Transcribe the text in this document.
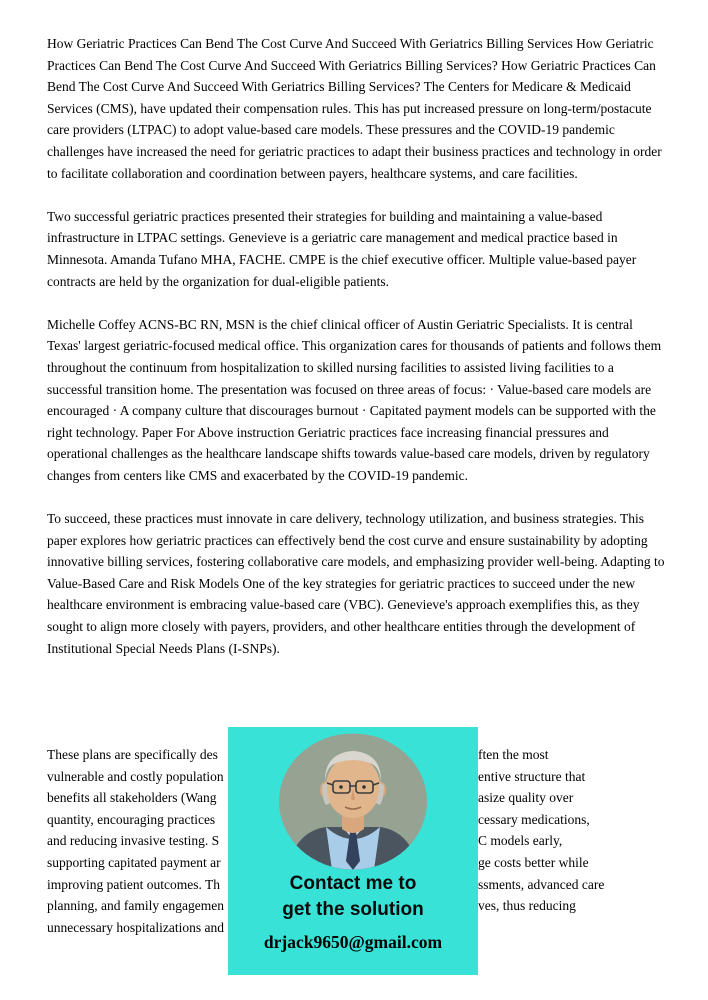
How Geriatric Practices Can Bend The Cost Curve And Succeed With Geriatrics Billing Services How Geriatric Practices Can Bend The Cost Curve And Succeed With Geriatrics Billing Services? How Geriatric Practices Can Bend The Cost Curve And Succeed With Geriatrics Billing Services? The Centers for Medicare & Medicaid Services (CMS), have updated their compensation rules. This has put increased pressure on long-term/postacute care providers (LTPAC) to adopt value-based care models. These pressures and the COVID-19 pandemic challenges have increased the need for geriatric practices to adapt their business practices and technology in order to facilitate collaboration and coordination between payers, healthcare systems, and care facilities.

Two successful geriatric practices presented their strategies for building and maintaining a value-based infrastructure in LTPAC settings. Genevieve is a geriatric care management and medical practice based in Minnesota. Amanda Tufano MHA, FACHE. CMPE is the chief executive officer. Multiple value-based payer contracts are held by the organization for dual-eligible patients.

Michelle Coffey ACNS-BC RN, MSN is the chief clinical officer of Austin Geriatric Specialists. It is central Texas' largest geriatric-focused medical office. This organization cares for thousands of patients and follows them throughout the continuum from hospitalization to skilled nursing facilities to assisted living facilities to a successful transition home. The presentation was focused on three areas of focus: · Value-based care models are encouraged · A company culture that discourages burnout · Capitated payment models can be supported with the right technology. Paper For Above instruction Geriatric practices face increasing financial pressures and operational challenges as the healthcare landscape shifts towards value-based care models, driven by regulatory changes from centers like CMS and exacerbated by the COVID-19 pandemic.

To succeed, these practices must innovate in care delivery, technology utilization, and business strategies. This paper explores how geriatric practices can effectively bend the cost curve and ensure sustainability by adopting innovative billing services, fostering collaborative care models, and emphasizing provider well-being. Adapting to Value-Based Care and Risk Models One of the key strategies for geriatric practices to succeed under the new healthcare environment is embracing value-based care (VBC). Genevieve's approach exemplifies this, as they sought to align more closely with payers, providers, and other healthcare entities through the development of Institutional Special Needs Plans (I-SNPs).

These plans are specifically des	ften the most
vulnerable and costly population	entive structure that
benefits all stakeholders (Wang	asize quality over
quantity, encouraging practices	cessary medications,
and reducing invasive testing. S	C models early,
supporting capitated payment ar	ge costs better while
improving patient outcomes. Th	ssments, advanced care
planning, and family engagemen	ves, thus reducing
unnecessary hospitalizations and
Contact me to
get the solution
drjack9650@gmail.com
